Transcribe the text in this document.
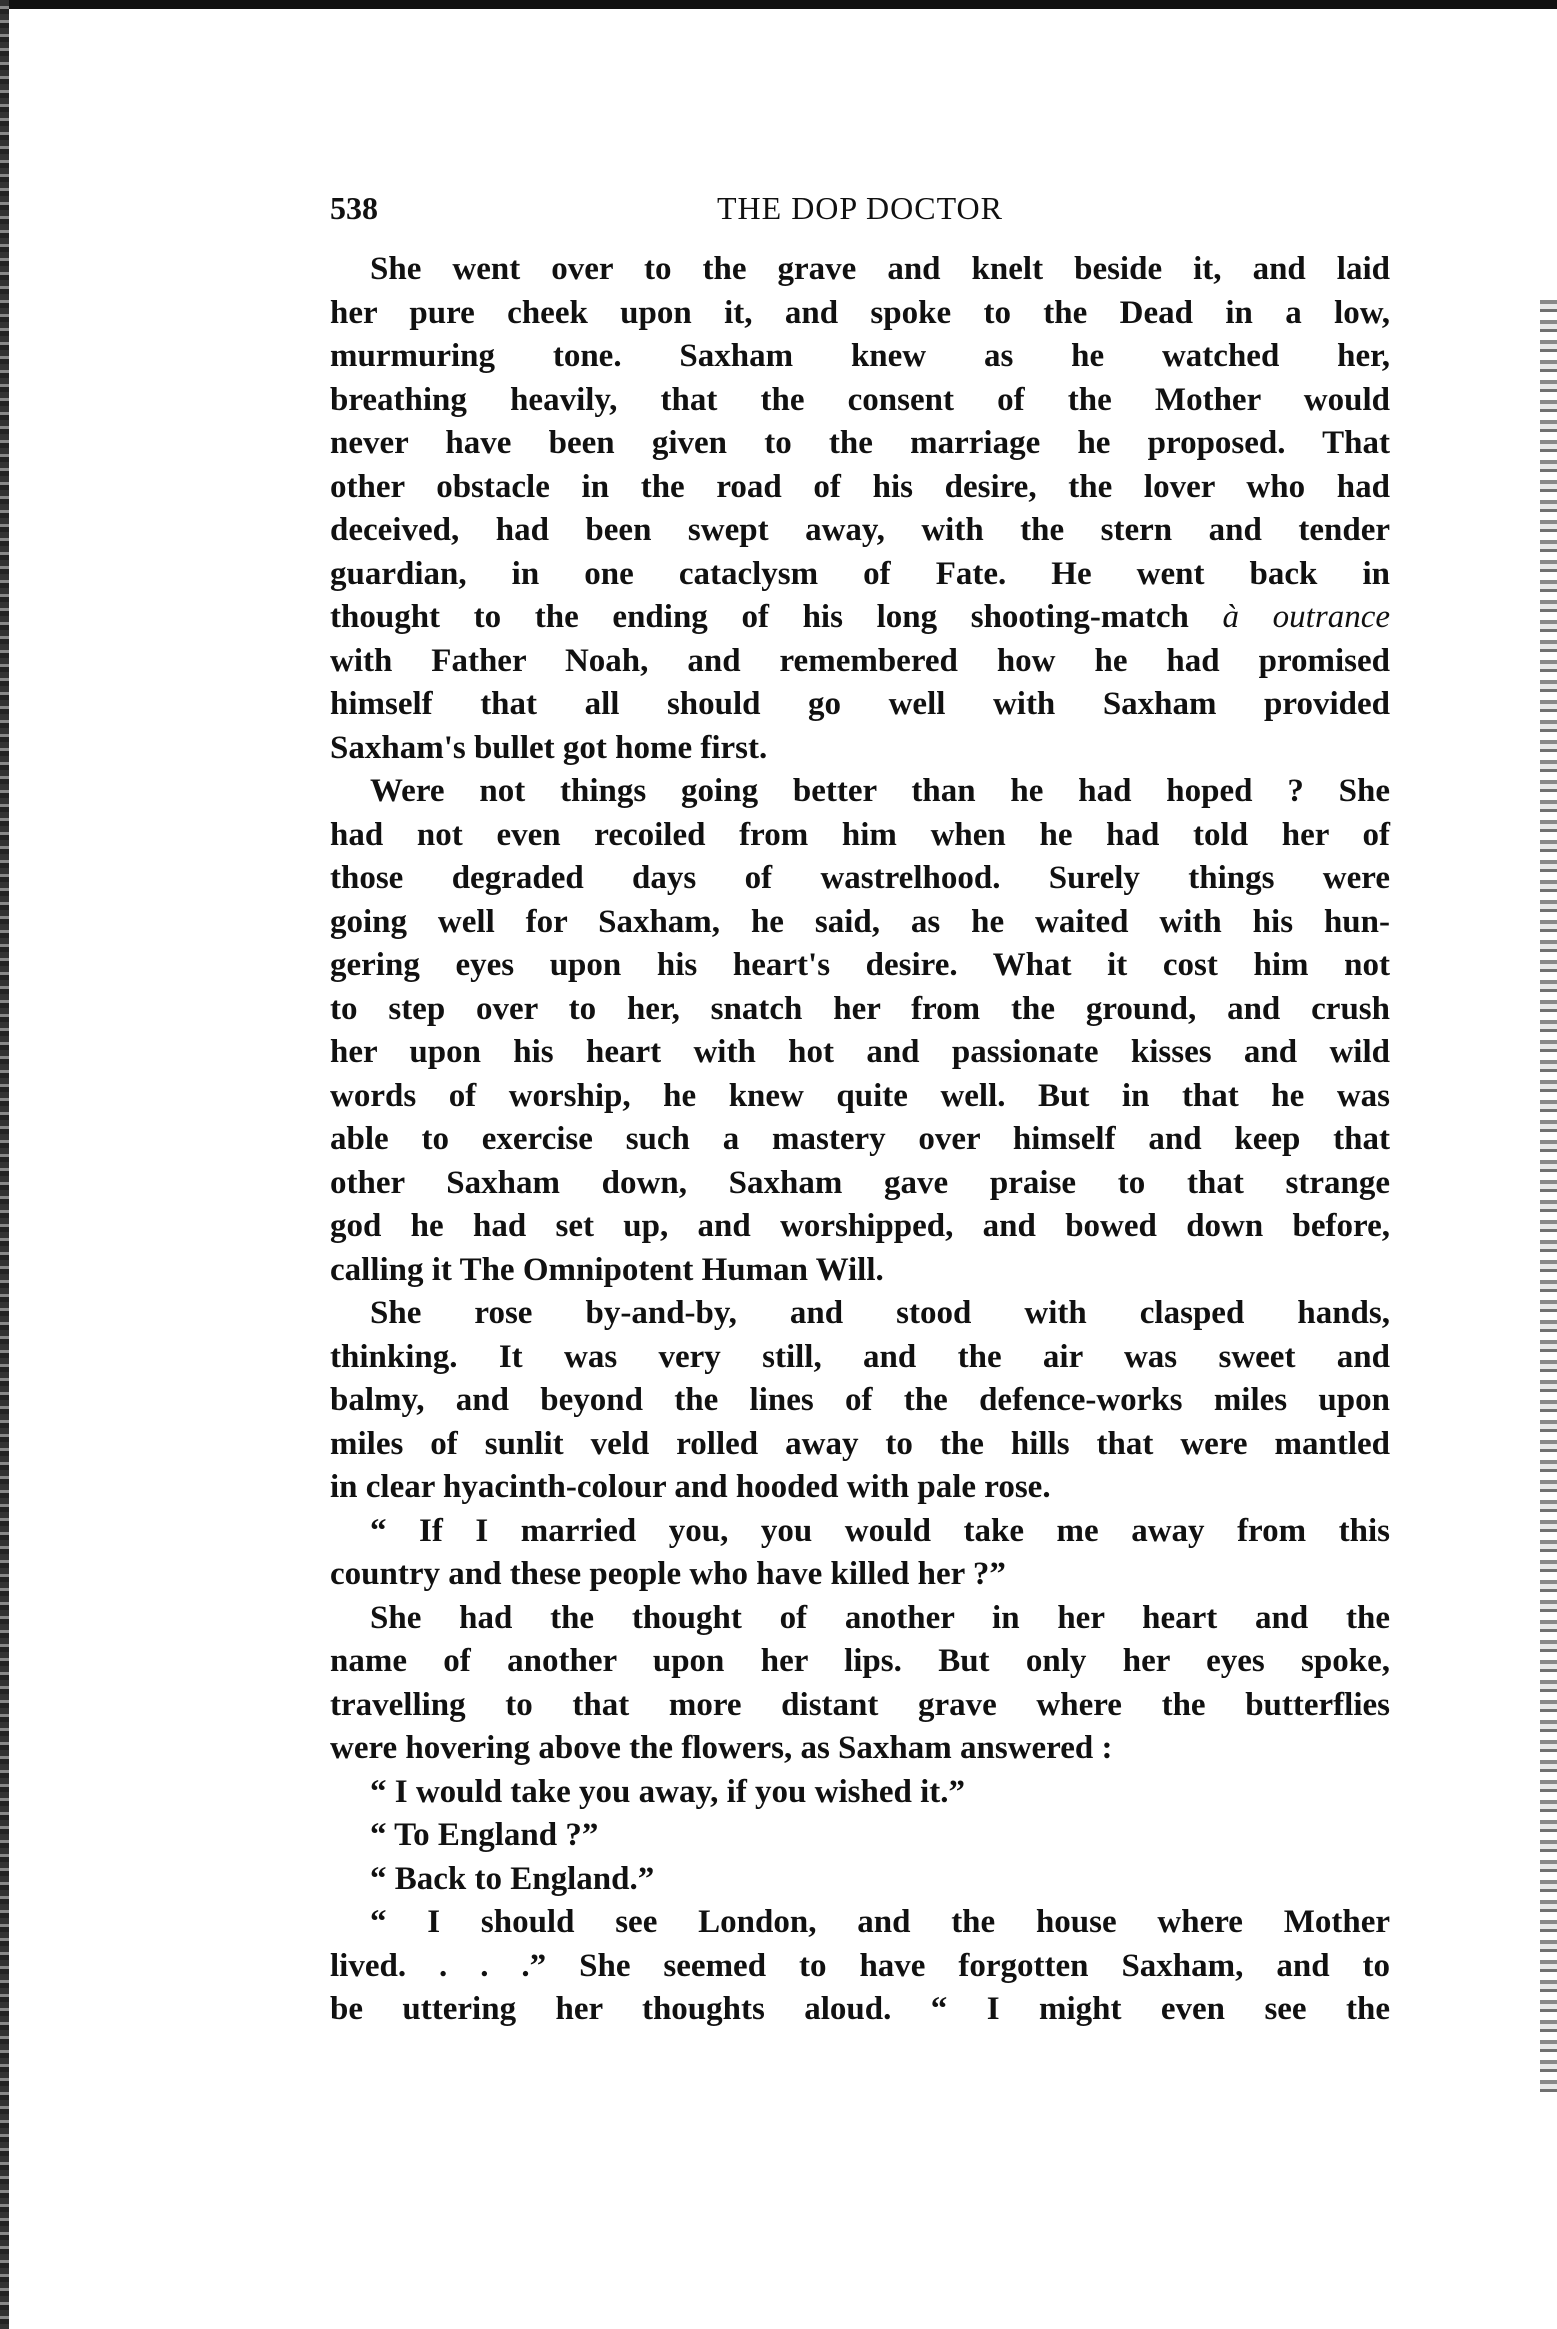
THE DOP DOCTOR
538
She went over to the grave and knelt beside it, and laid
her pure cheek upon it, and spoke to the Dead in a low,
murmuring tone. Saxham knew as he watched her,
breathing heavily, that the consent of the Mother would
never have been given to the marriage he proposed. That
other obstacle in the road of his desire, the lover who had
deceived, had been swept away, with the stern and tender
guardian, in one cataclysm of Fate. He went back in
thought to the ending of his long shooting-match à outrance
with Father Noah, and remembered how he had promised
himself that all should go well with Saxham provided
Saxham's bullet got home first.
Were not things going better than he had hoped ? She
had not even recoiled from him when he had told her of
those degraded days of wastrelhood. Surely things were
going well for Saxham, he said, as he waited with his hun-
gering eyes upon his heart's desire. What it cost him not
to step over to her, snatch her from the ground, and crush
her upon his heart with hot and passionate kisses and wild
words of worship, he knew quite well. But in that he was
able to exercise such a mastery over himself and keep that
other Saxham down, Saxham gave praise to that strange
god he had set up, and worshipped, and bowed down before,
calling it The Omnipotent Human Will.
She rose by-and-by, and stood with clasped hands,
thinking. It was very still, and the air was sweet and
balmy, and beyond the lines of the defence-works miles upon
miles of sunlit veld rolled away to the hills that were mantled
in clear hyacinth-colour and hooded with pale rose.
“ If I married you, you would take me away from this
country and these people who have killed her ?”
She had the thought of another in her heart and the
name of another upon her lips. But only her eyes spoke,
travelling to that more distant grave where the butterflies
were hovering above the flowers, as Saxham answered :
“ I would take you away, if you wished it.”
“ To England ?”
“ Back to England.”
“ I should see London, and the house where Mother
lived. . . .” She seemed to have forgotten Saxham, and to
be uttering her thoughts aloud. “ I might even see the
